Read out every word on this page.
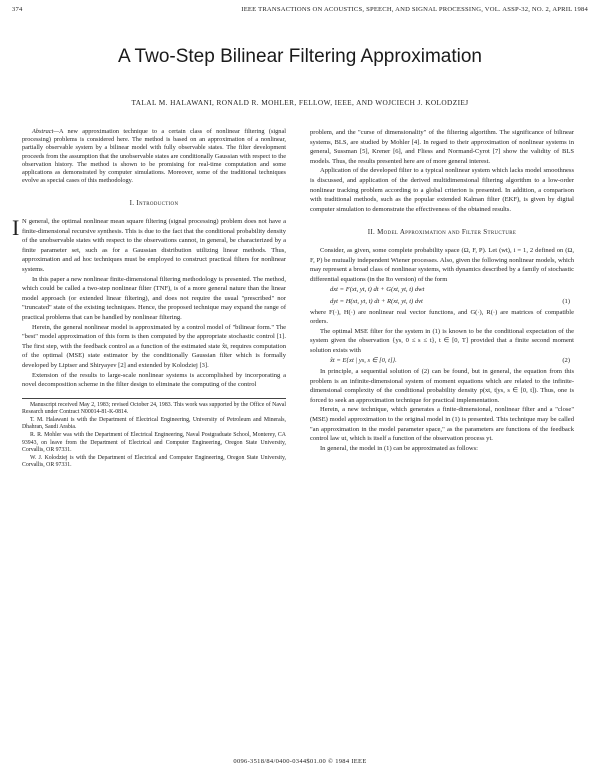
374	IEEE TRANSACTIONS ON ACOUSTICS, SPEECH, AND SIGNAL PROCESSING, VOL. ASSP-32, NO. 2, APRIL 1984
A Two-Step Bilinear Filtering Approximation
TALAL M. HALAWANI, RONALD R. MOHLER, FELLOW, IEEE, AND WOJCIECH J. KOLODZIEJ

Abstract—A new approximation technique to a certain class of nonlinear filtering (signal processing) problems is considered here. The method is based on an approximation of a nonlinear, partially observable system by a bilinear model with fully observable states. The filter development proceeds from the assumption that the unobservable states are conditionally Gaussian with respect to the observation history. The method is shown to be promising for real-time computation and some applications as demonstrated by computer simulations. Moreover, some of the traditional techniques evolve as special cases of this methodology.

I. Introduction

I N general, the optimal nonlinear mean square filtering (signal processing) problem does not have a finite-dimensional recursive synthesis. This is due to the fact that the conditional probability density of the unobservable states with respect to the observations cannot, in general, be characterized by a finite parameter set, such as for a Gaussian distribution utilizing linear methods. Thus, approximation and ad hoc techniques must be employed to construct practical filters for nonlinear systems.

In this paper a new nonlinear finite-dimensional filtering methodology is presented. The method, which could be called a two-step nonlinear filter (TNF), is of a more general nature than the linear model approach (or extended linear filtering), and does not require the usual "prescribed" nor "truncated" state of the existing techniques. Hence, the proposed technique may expand the range of practical problems that can be handled by nonlinear filtering.

Herein, the general nonlinear model is approximated by a control model of "bilinear form." The "best" model approximation of this form is then computed by the appropriate stochastic control [1]. The first step, with the feedback control as a function of the estimated state x̂t, requires computation of the optimal (MSE) state estimator by the conditionally Gaussian filter which is formally developed by Liptser and Shiryayev [2] and extended by Kolodziej [3].

Extension of the results to large-scale nonlinear systems is accomplished by incorporating a novel decomposition scheme in the filter design to eliminate the computing of the control

Manuscript received May 2, 1983; revised October 24, 1983. This work was supported by the Office of Naval Research under Contract N00014-81-K-0814.

T. M. Halawani is with the Department of Electrical Engineering, University of Petroleum and Minerals, Dhahran, Saudi Arabia.

R. R. Mohler was with the Department of Electrical Engineering, Naval Postgraduate School, Monterey, CA 93943, on leave from the Department of Electrical and Computer Engineering, Oregon State University, Corvallis, OR 97331.

W. J. Kolodziej is with the Department of Electrical and Computer Engineering, Oregon State University, Corvallis, OR 97331.

problem, and the "curse of dimensionality" of the filtering algorithm. The significance of bilinear systems, BLS, are studied by Mohler [4]. In regard to their approximation of nonlinear systems in general, Sussman [5], Krener [6], and Fliess and Normand-Cyrot [7] show the validity of BLS models. Thus, the results presented here are of more general interest.

Application of the developed filter to a typical nonlinear system which lacks model smoothness is discussed, and application of the derived multidimensional filtering algorithm to a low-order nonlinear tracking problem according to a global criterion is presented. In addition, a comparison with traditional methods, such as the popular extended Kalman filter (EKF), is given by digital computer simulation to demonstrate the effectiveness of the obtained results.

II. Model Approximation and Filter Structure

Consider, as given, some complete probability space (Ω, F, P). Let (wt), i = 1, 2 defined on (Ω, F, P) be mutually independent Wiener processes. Also, given the following nonlinear models, which may represent a broad class of nonlinear systems, with dynamics described by a family of stochastic differential equations (in the Ito version) of the form

dxt = F(xt, yt, t) dt + G(xt, yt, t) dwt
dyt = H(xt, yt, t) dt + R(xt, yt, t) dvt	(1)

where F(·), H(·) are nonlinear real vector functions, and G(·), R(·) are matrices of compatible orders.

The optimal MSE filter for the system in (1) is known to be the conditional expectation of the system given the observation {ys, 0 ≤ s ≤ t}, t ∈ [0, T] provided that a finite second moment solution exists with

x̂t = E{xt | ys, s ∈ [0, t]}.	(2)

In principle, a sequential solution of (2) can be found, but in general, the equation from this problem is an infinite-dimensional system of moment equations which are related to the infinite-dimensional complexity of the conditional probability density p(xt, t|ys, s ∈ [0, t]). Thus, one is forced to seek an approximation technique for practical implementation.

Herein, a new technique, which generates a finite-dimensional, nonlinear filter and a "close" (MSE) model approximation to the original model in (1) is presented. This technique may be called "an approximation in the model parameter space," as the parameters are functions of the feedback control law ut, which is itself a function of the observation process yt.

In general, the model in (1) can be approximated as follows:

0096-3518/84/0400-0344$01.00 © 1984 IEEE
